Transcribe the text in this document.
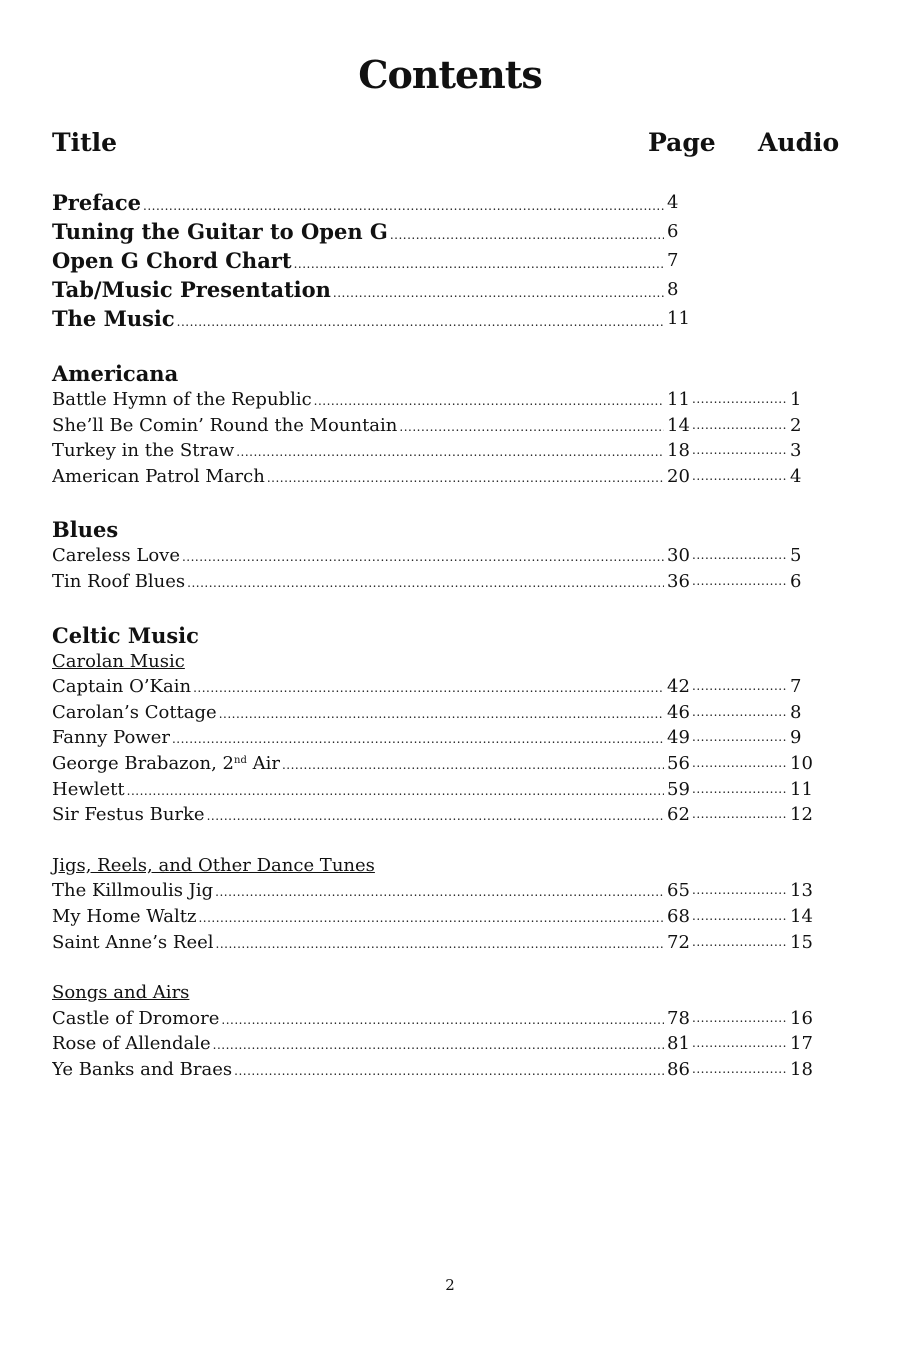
Contents
Title	Page Audio
Preface .....	4
Tuning the Guitar to Open G .....	6
Open G Chord Chart .....	7
Tab/Music Presentation .....	8
The Music .....	11
Americana
Battle Hymn of the Republic .....	11 .....	1
She’ll Be Comin’ Round the Mountain .....	14 .....	2
Turkey in the Straw .....	18 .....	3
American Patrol March .....	20 .....	4
Blues
Careless Love .....	30 .....	5
Tin Roof Blues .....	36 .....	6
Celtic Music
Carolan Music
Captain O’Kain .....	42 .....	7
Carolan’s Cottage .....	46 .....	8
Fanny Power .....	49 .....	9
George Brabazon, 2nd Air .....	56 .....	10
Hewlett .....	59 .....	11
Sir Festus Burke .....	62 .....	12
Jigs, Reels, and Other Dance Tunes
The Killmoulis Jig .....	65 .....	13
My Home Waltz .....	68 .....	14
Saint Anne’s Reel .....	72 .....	15
Songs and Airs
Castle of Dromore .....	78 .....	16
Rose of Allendale .....	81 .....	17
Ye Banks and Braes .....	86 .....	18
2
